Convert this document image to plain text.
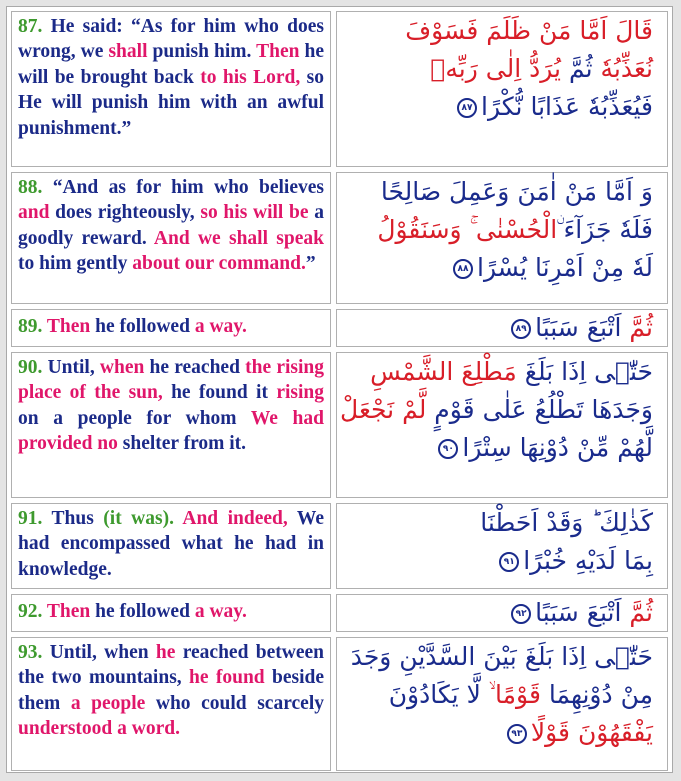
87. He said: “As for him who does wrong, we shall punish him. Then he will be brought back to his Lord, so He will punish him with an awful punishment.”		قَالَ اَمَّا مَنْ ظَلَمَ فَسَوْفَ
نُعَذِّبُهٗ ثُمَّ يُرَدُّ اِلٰى رَبِّهٖ
فَيُعَذِّبُهٗ عَذَابًا نُّكْرًا٨٧

88. “And as for him who believes and does righteously, so his will be a goodly reward. And we shall speak to him gently about our command.”		وَ اَمَّا مَنْ اٰمَنَ وَعَمِلَ صَالِحًا
فَلَهٗ جَزَآءَ ۨالْحُسْنٰى ۚ وَسَنَقُوْلُ
لَهٗ مِنْ اَمْرِنَا يُسْرًا٨٨

89. Then he followed a way.		ثُمَّ اَتْبَعَ سَبَبًا٨٩

90. Until, when he reached the rising place of the sun, he found it rising on a people for whom We had provided no shelter from it.		حَتّٰۤى اِذَا بَلَغَ مَطْلِعَ الشَّمْسِ
وَجَدَهَا تَطْلُعُ عَلٰى قَوْمٍ لَّمْ نَجْعَلْ
لَّهُمْ مِّنْ دُوْنِهَا سِتْرًا٩٠

91. Thus (it was). And indeed, We had encompassed what he had in knowledge.		كَذٰلِكَ ؕ وَقَدْ اَحَطْنَا
بِمَا لَدَيْهِ خُبْرًا٩١

92. Then he followed a way.		ثُمَّ اَتْبَعَ سَبَبًا٩٢

93. Until, when he reached between the two mountains, he found beside them a people who could scarcely understood a word.		حَتّٰۤى اِذَا بَلَغَ بَيْنَ السَّدَّيْنِ وَجَدَ
مِنْ دُوْنِهِمَا قَوْمًا ۙ لَّا يَكَادُوْنَ
يَفْقَهُوْنَ قَوْلًا٩٣
